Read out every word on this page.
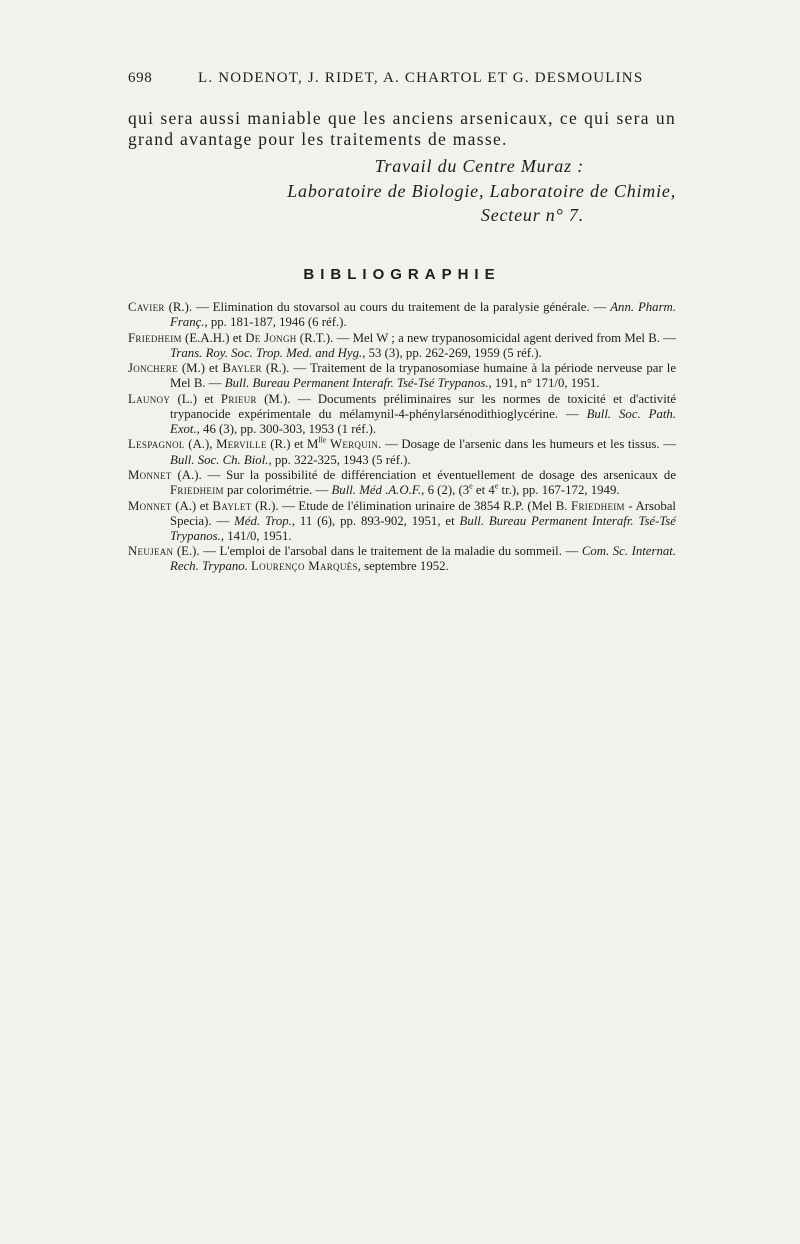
698	L. NODENOT, J. RIDET, A. CHARTOL ET G. DESMOULINS

qui sera aussi maniable que les anciens arsenicaux, ce qui sera un grand avantage pour les traitements de masse.

Travail du Centre Muraz :
Laboratoire de Biologie, Laboratoire de Chimie,
Secteur n° 7.
BIBLIOGRAPHIE

Cavier (R.). — Elimination du stovarsol au cours du traitement de la paralysie générale. — Ann. Pharm. Franç., pp. 181-187, 1946 (6 réf.).

Friedheim (E.A.H.) et De Jongh (R.T.). — Mel W ; a new trypanosomicidal agent derived from Mel B. — Trans. Roy. Soc. Trop. Med. and Hyg., 53 (3), pp. 262-269, 1959 (5 réf.).

Jonchere (M.) et Bayler (R.). — Traitement de la trypanosomiase humaine à la période nerveuse par le Mel B. — Bull. Bureau Permanent Interafr. Tsé-Tsé Trypanos., 191, n° 171/0, 1951.

Launoy (L.) et Prieur (M.). — Documents préliminaires sur les normes de toxicité et d'activité trypanocide expérimentale du mélamynil-4-phénylarsénodithioglycérine. — Bull. Soc. Path. Exot., 46 (3), pp. 300-303, 1953 (1 réf.).

Lespagnol (A.), Merville (R.) et $M^{lle}$ Werquin. — Dosage de l'arsenic dans les humeurs et les tissus. — Bull. Soc. Ch. Biol., pp. 322-325, 1943 (5 réf.).

Monnet (A.). — Sur la possibilité de différenciation et éventuellement de dosage des arsenicaux de Friedheim par colorimétrie. — Bull. Méd .A.O.F., 6 (2), (3e et 4e tr.), pp. 167-172, 1949.

Monnet (A.) et Baylet (R.). — Etude de l'élimination urinaire de 3854 R.P. (Mel B. Friedheim - Arsobal Specia). — Méd. Trop., 11 (6), pp. 893-902, 1951, et Bull. Bureau Permanent Interafr. Tsé-Tsé Trypanos., 141/0, 1951.

Neujean (E.). — L'emploi de l'arsobal dans le traitement de la maladie du sommeil. — Com. Sc. Internat. Rech. Trypano. Lourenço Marquès, septembre 1952.
